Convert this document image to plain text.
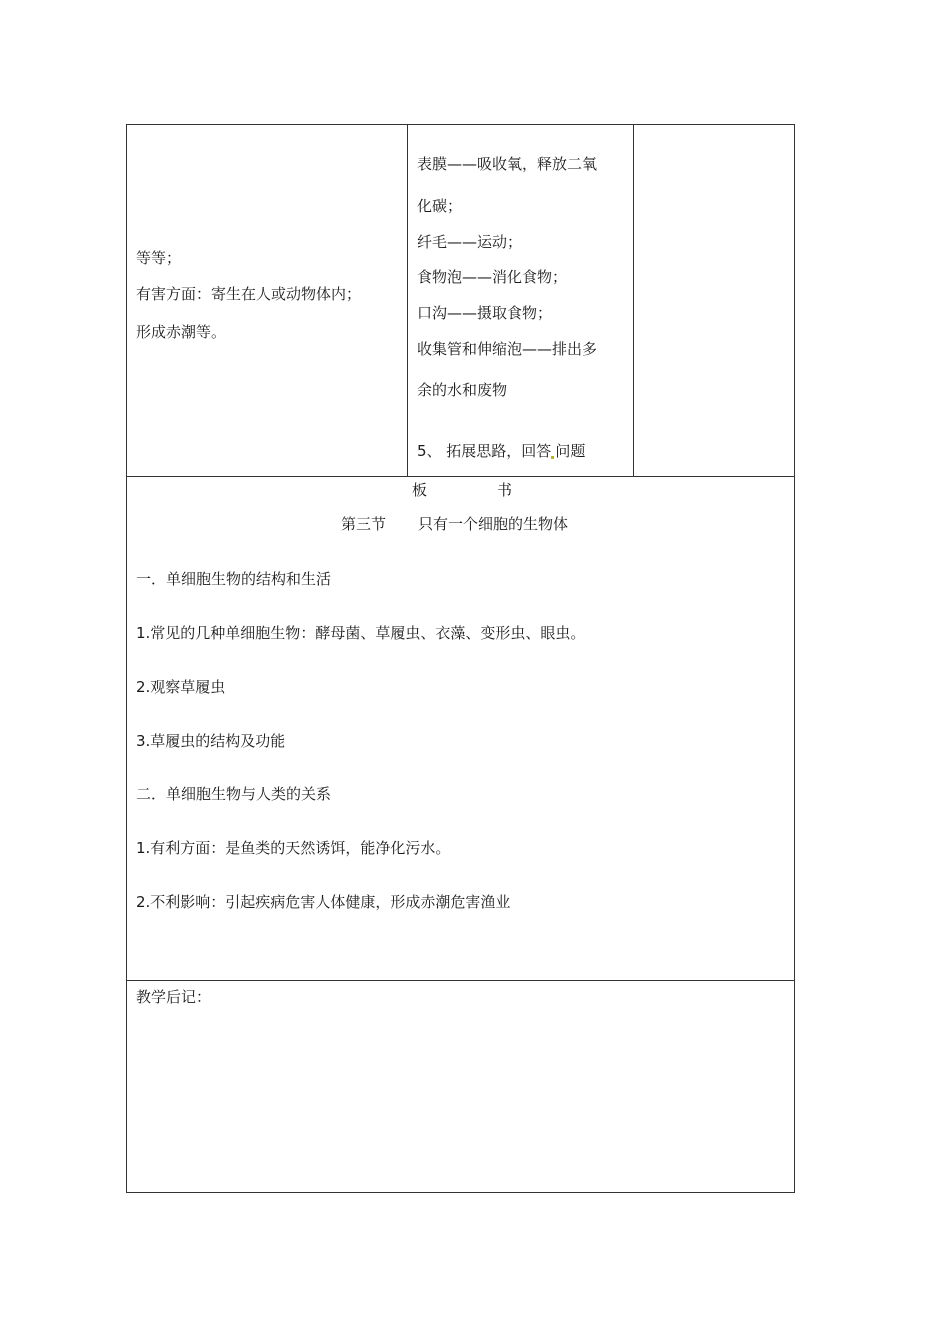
等等；
有害方面：寄生在人或动物体内；
形成赤潮等。
表膜——吸收氧，释放二氧
化碳；
纤毛——运动；
食物泡——消化食物；
口沟——摄取食物；
收集管和伸缩泡——排出多
余的水和废物
5、 拓展思路，回答 问题
板	书
第三节 只有一个细胞的生物体
一．单细胞生物的结构和生活
1.常见的几种单细胞生物：酵母菌、草履虫、衣藻、变形虫、眼虫。
2.观察草履虫
3.草履虫的结构及功能
二．单细胞生物与人类的关系
1.有利方面：是鱼类的天然诱饵，能净化污水。
2.不利影响：引起疾病危害人体健康，形成赤潮危害渔业
教学后记：
